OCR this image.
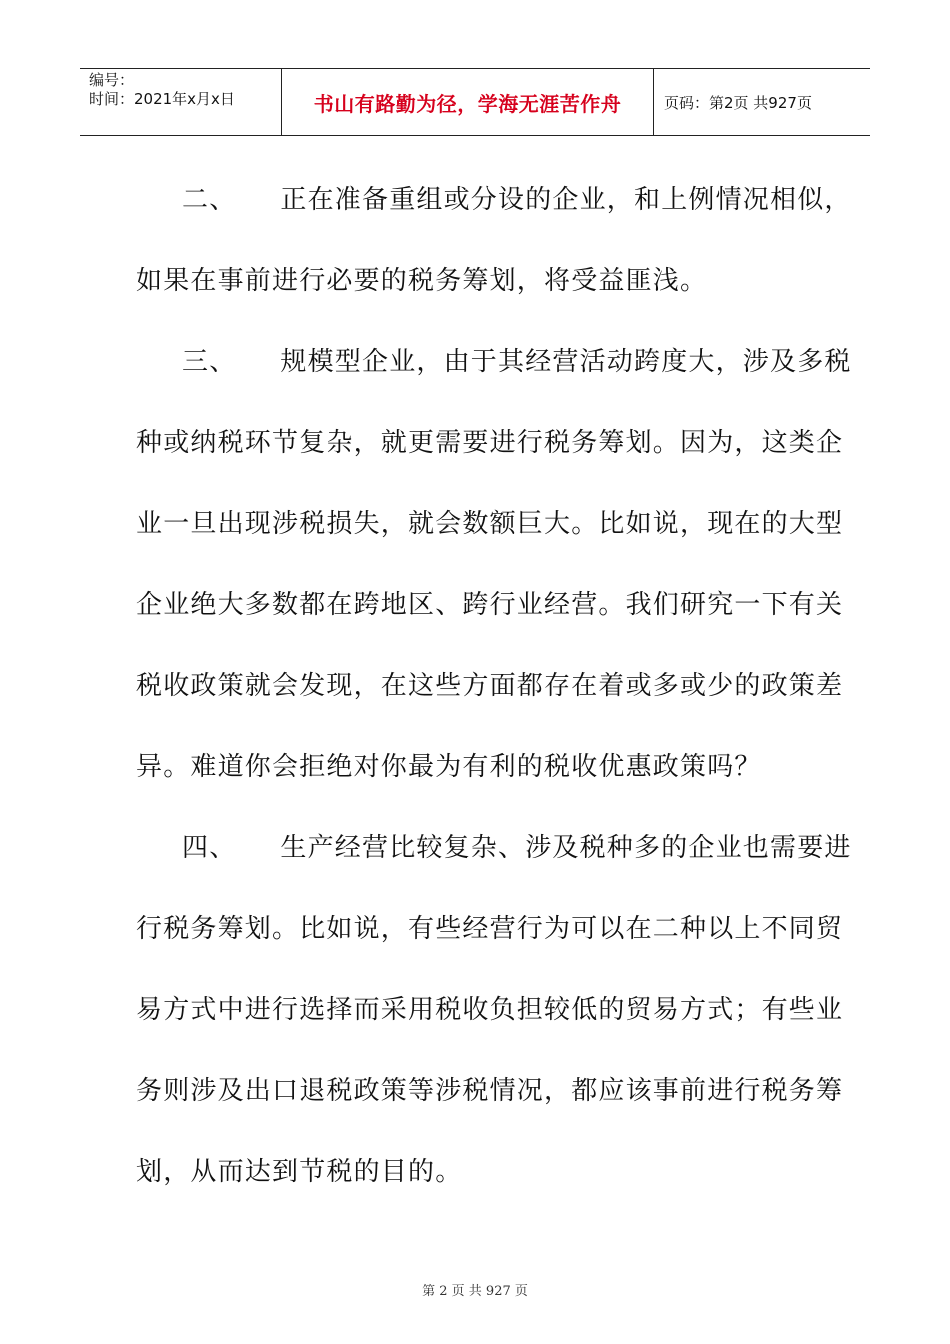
编号：
时间：2021年x月x日	书山有路勤为径，学海无涯苦作舟	页码：第2页 共927页
二、 正在准备重组或分设的企业，和上例情况相似，
如果在事前进行必要的税务筹划，将受益匪浅。
三、 规模型企业，由于其经营活动跨度大，涉及多税
种或纳税环节复杂，就更需要进行税务筹划。因为，这类企
业一旦出现涉税损失，就会数额巨大。比如说，现在的大型
企业绝大多数都在跨地区、跨行业经营。我们研究一下有关
税收政策就会发现，在这些方面都存在着或多或少的政策差
异。难道你会拒绝对你最为有利的税收优惠政策吗？
四、 生产经营比较复杂、涉及税种多的企业也需要进
行税务筹划。比如说，有些经营行为可以在二种以上不同贸
易方式中进行选择而采用税收负担较低的贸易方式；有些业
务则涉及出口退税政策等涉税情况，都应该事前进行税务筹
划，从而达到节税的目的。
第 2 页 共 927 页
